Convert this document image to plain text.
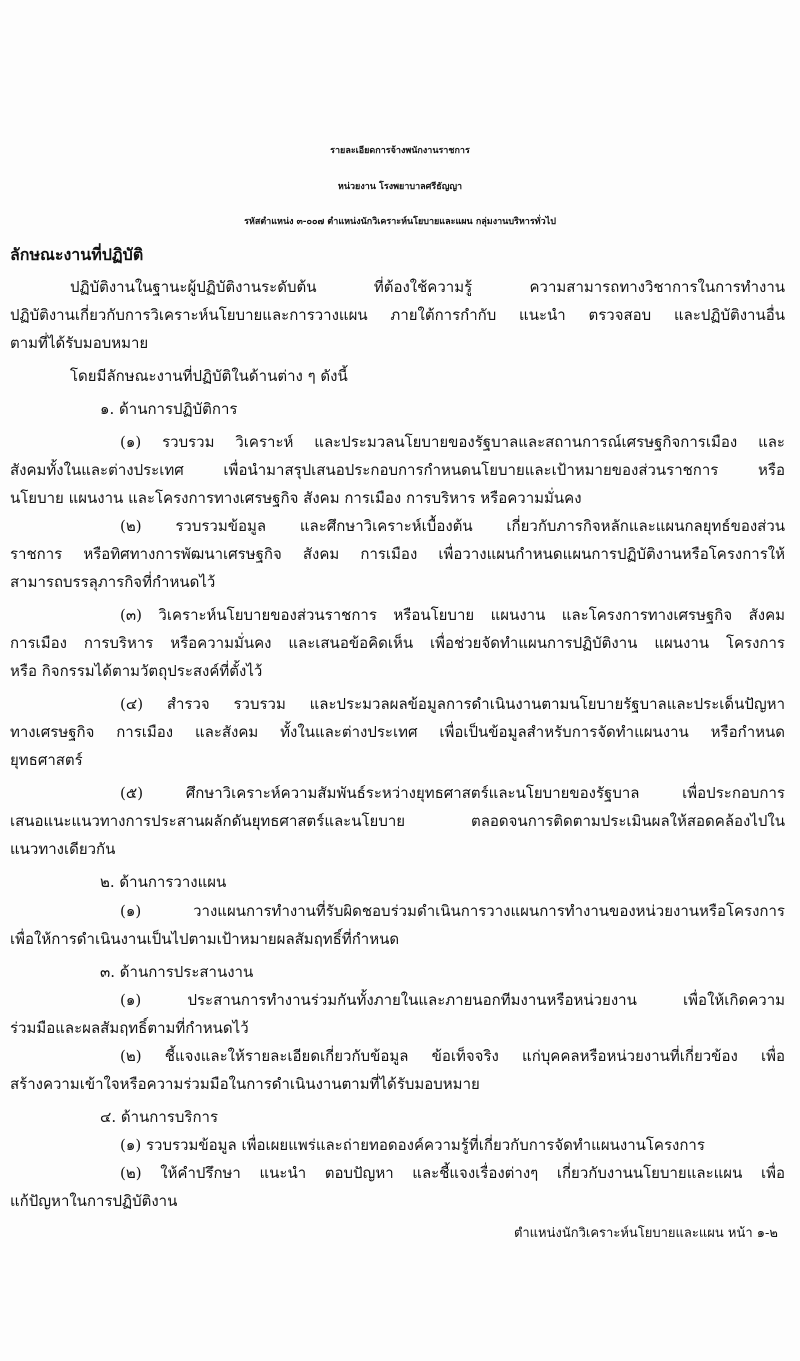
รายละเอียดการจ้างพนักงานราชการ
หน่วยงาน โรงพยาบาลศรีธัญญา
รหัสตำแหน่ง ๓-๐๐๗ ตำแหน่งนักวิเคราะห์นโยบายและแผน กลุ่มงานบริหารทั่วไป
ลักษณะงานที่ปฏิบัติ
ปฏิบัติงานในฐานะผู้ปฏิบัติงานระดับต้น ที่ต้องใช้ความรู้ ความสามารถทางวิชาการในการทำงาน
ปฏิบัติงานเกี่ยวกับการวิเคราะห์นโยบายและการวางแผน ภายใต้การกำกับ แนะนำ ตรวจสอบ และปฏิบัติงานอื่น
ตามที่ได้รับมอบหมาย
โดยมีลักษณะงานที่ปฏิบัติในด้านต่าง ๆ ดังนี้
๑. ด้านการปฏิบัติการ
(๑) รวบรวม วิเคราะห์ และประมวลนโยบายของรัฐบาลและสถานการณ์เศรษฐกิจการเมือง และ
สังคมทั้งในและต่างประเทศ เพื่อนำมาสรุปเสนอประกอบการกำหนดนโยบายและเป้าหมายของส่วนราชการ หรือ
นโยบาย แผนงาน และโครงการทางเศรษฐกิจ สังคม การเมือง การบริหาร หรือความมั่นคง
(๒) รวบรวมข้อมูล และศึกษาวิเคราะห์เบื้องต้น เกี่ยวกับภารกิจหลักและแผนกลยุทธ์ของส่วน
ราชการ หรือทิศทางการพัฒนาเศรษฐกิจ สังคม การเมือง เพื่อวางแผนกำหนดแผนการปฏิบัติงานหรือโครงการให้
สามารถบรรลุภารกิจที่กำหนดไว้
(๓) วิเคราะห์นโยบายของส่วนราชการ หรือนโยบาย แผนงาน และโครงการทางเศรษฐกิจ สังคม
การเมือง การบริหาร หรือความมั่นคง และเสนอข้อคิดเห็น เพื่อช่วยจัดทำแผนการปฏิบัติงาน แผนงาน โครงการ
หรือ กิจกรรมได้ตามวัตถุประสงค์ที่ตั้งไว้
(๔) สำรวจ รวบรวม และประมวลผลข้อมูลการดำเนินงานตามนโยบายรัฐบาลและประเด็นปัญหา
ทางเศรษฐกิจ การเมือง และสังคม ทั้งในและต่างประเทศ เพื่อเป็นข้อมูลสำหรับการจัดทำแผนงาน หรือกำหนด
ยุทธศาสตร์
(๕) ศึกษาวิเคราะห์ความสัมพันธ์ระหว่างยุทธศาสตร์และนโยบายของรัฐบาล เพื่อประกอบการ
เสนอแนะแนวทางการประสานผลักดันยุทธศาสตร์และนโยบาย ตลอดจนการติดตามประเมินผลให้สอดคล้องไปใน
แนวทางเดียวกัน
๒. ด้านการวางแผน
(๑) วางแผนการทำงานที่รับผิดชอบร่วมดำเนินการวางแผนการทำงานของหน่วยงานหรือโครงการ
เพื่อให้การดำเนินงานเป็นไปตามเป้าหมายผลสัมฤทธิ์ที่กำหนด
๓. ด้านการประสานงาน
(๑) ประสานการทำงานร่วมกันทั้งภายในและภายนอกทีมงานหรือหน่วยงาน เพื่อให้เกิดความ
ร่วมมือและผลสัมฤทธิ์ตามที่กำหนดไว้
(๒) ชี้แจงและให้รายละเอียดเกี่ยวกับข้อมูล ข้อเท็จจริง แก่บุคคลหรือหน่วยงานที่เกี่ยวข้อง เพื่อ
สร้างความเข้าใจหรือความร่วมมือในการดำเนินงานตามที่ได้รับมอบหมาย
๔. ด้านการบริการ
(๑) รวบรวมข้อมูล เพื่อเผยแพร่และถ่ายทอดองค์ความรู้ที่เกี่ยวกับการจัดทำแผนงานโครงการ
(๒) ให้คำปรึกษา แนะนำ ตอบปัญหา และชี้แจงเรื่องต่างๆ เกี่ยวกับงานนโยบายและแผน เพื่อ
แก้ปัญหาในการปฏิบัติงาน
ตำแหน่งนักวิเคราะห์นโยบายและแผน หน้า ๑-๒
